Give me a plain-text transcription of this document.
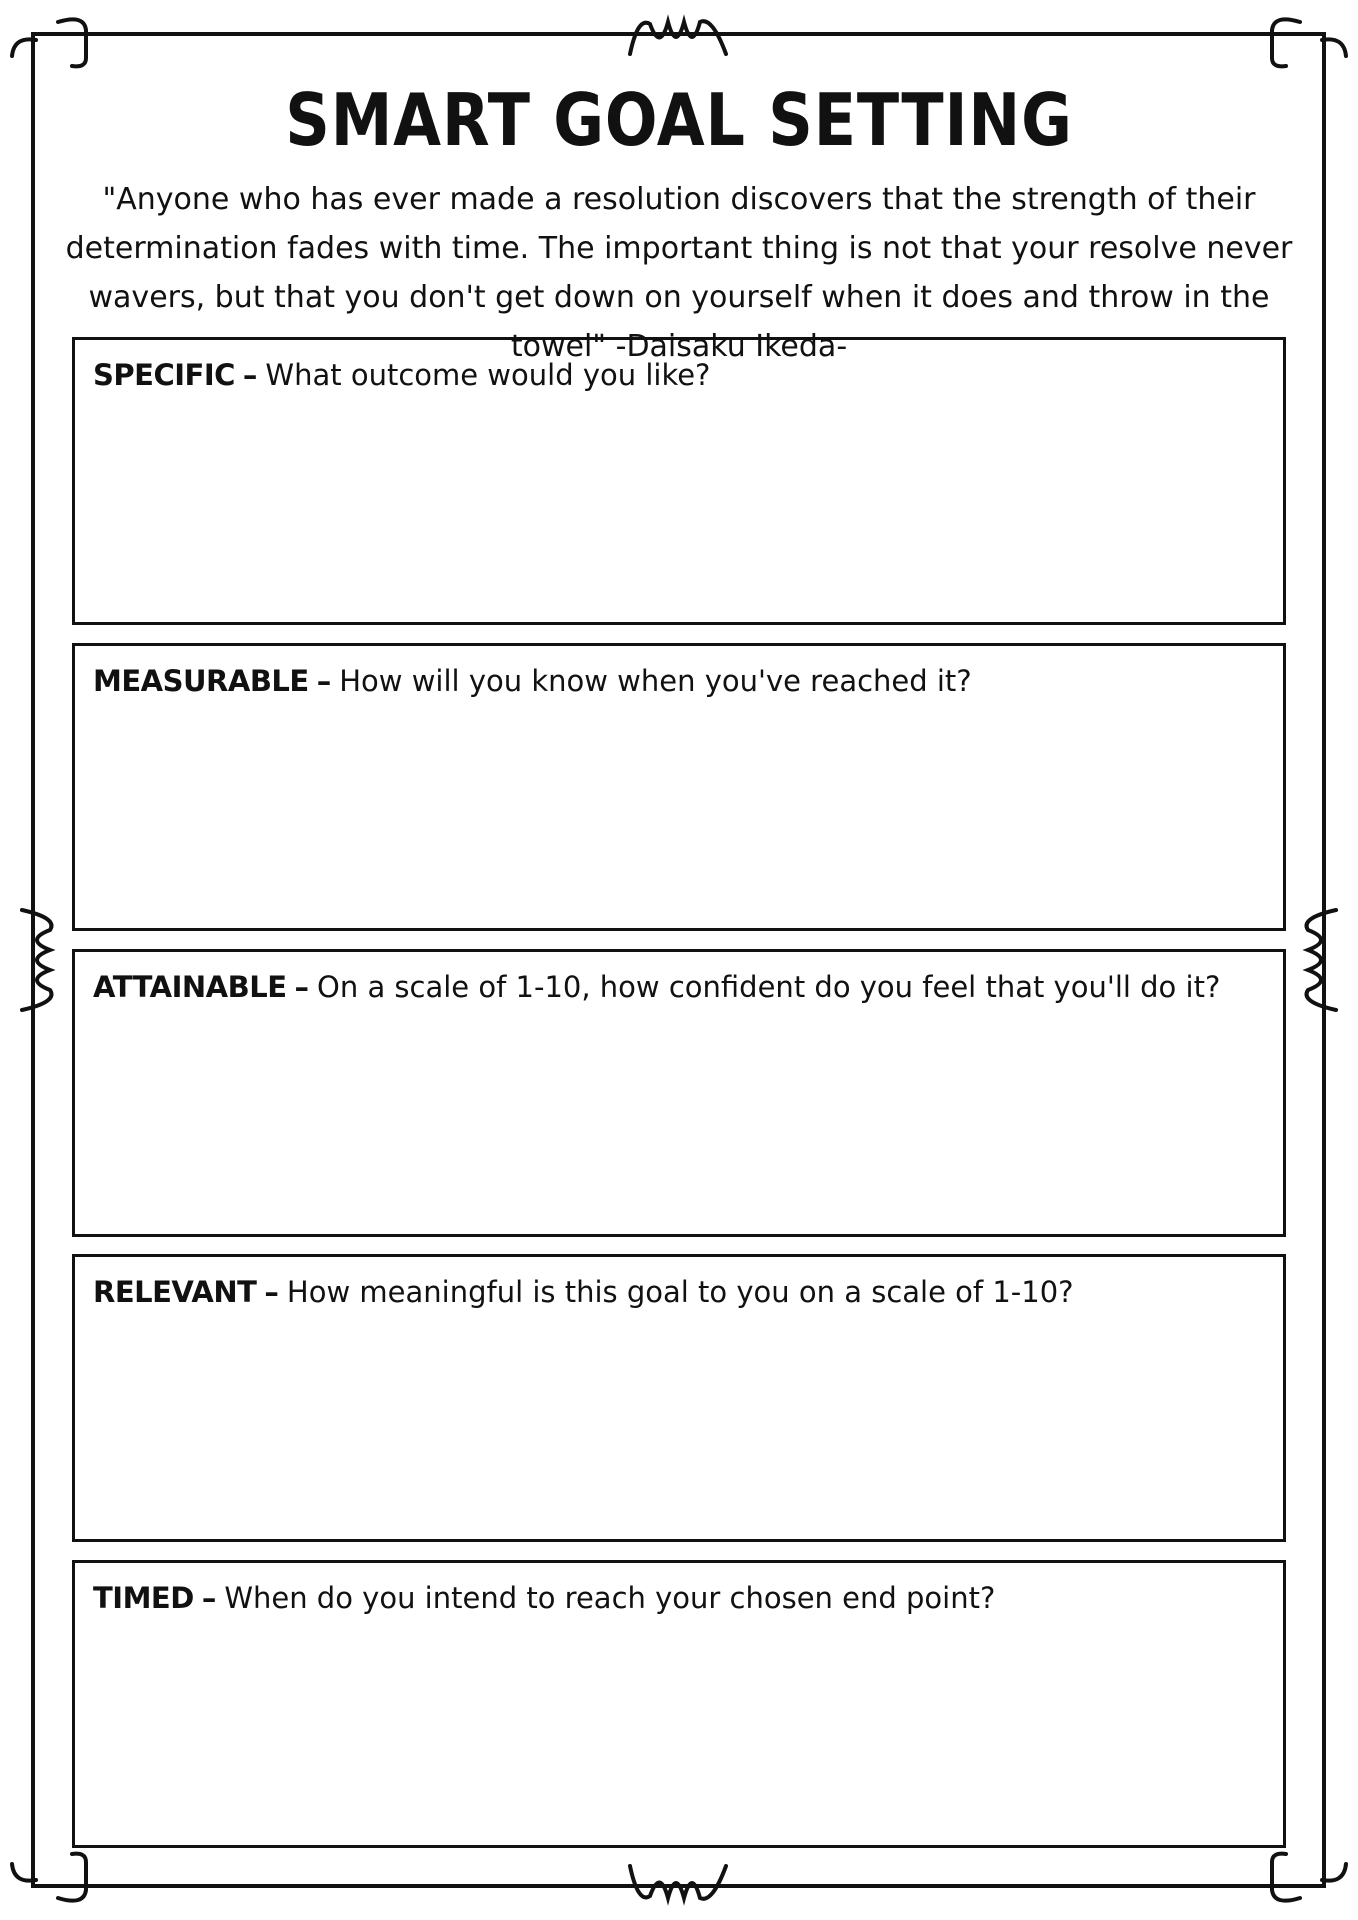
SMART GOAL SETTING

"Anyone who has ever made a resolution discovers that the strength of their determination fades with time. The important thing is not that your resolve never wavers, but that you don't get down on yourself when it does and throw in the towel" -Daisaku Ikeda-

SPECIFIC – What outcome would you like?
MEASURABLE – How will you know when you've reached it?
ATTAINABLE – On a scale of 1-10, how confident do you feel that you'll do it?
RELEVANT – How meaningful is this goal to you on a scale of 1-10?
TIMED – When do you intend to reach your chosen end point?
